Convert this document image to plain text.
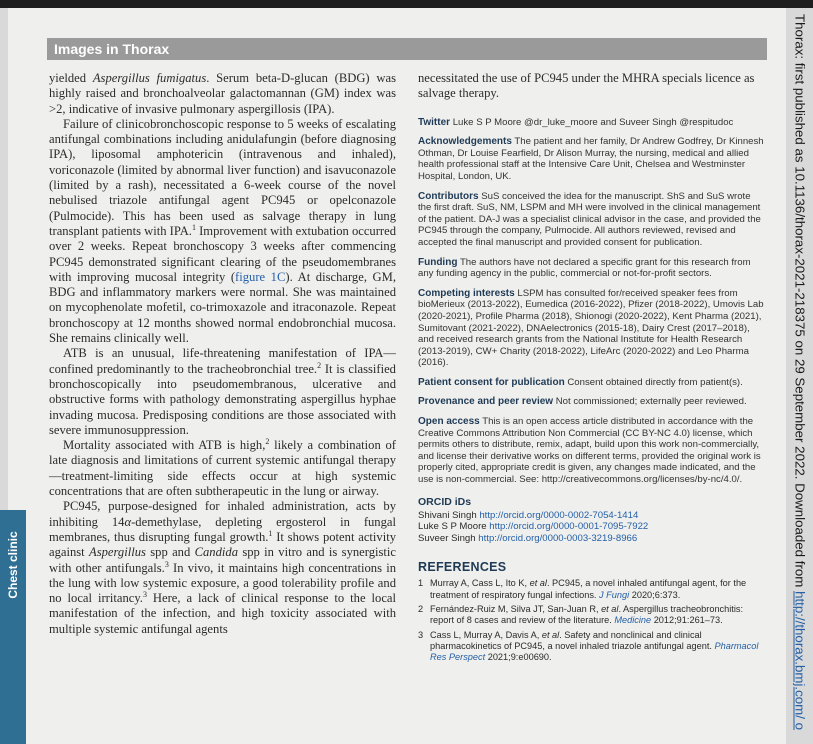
Chest clinic
Images in Thorax

yielded Aspergillus fumigatus. Serum beta-D-glucan (BDG) was highly raised and bronchoalveolar galactomannan (GM) index was >2, indicative of invasive pulmonary aspergillosis (IPA).

Failure of clinicobronchoscopic response to 5 weeks of escalating antifungal combinations including anidulafungin (before diagnosing IPA), liposomal amphotericin (intravenous and inhaled), voriconazole (limited by abnormal liver function) and isavuconazole (limited by a rash), necessitated a 6-week course of the novel nebulised triazole antifungal agent PC945 or opelconazole (Pulmocide). This has been used as salvage therapy in lung transplant patients with IPA.$^1$ Improvement with extubation occurred over 2 weeks. Repeat bronchoscopy 3 weeks after commencing PC945 demonstrated significant clearing of the pseudomembranes with improving mucosal integrity (figure 1C). At discharge, GM, BDG and inflammatory markers were normal. She was maintained on mycophenolate mofetil, co-trimoxazole and itraconazole. Repeat bronchoscopy at 12 months showed normal endobronchial mucosa. She remains clinically well.

ATB is an unusual, life-threatening manifestation of IPA—confined predominantly to the tracheobronchial tree.$^2$ It is classified bronchoscopically into pseudomembranous, ulcerative and obstructive forms with pathology demonstrating aspergillus hyphae invading mucosa. Predisposing conditions are those associated with severe immunosuppression.

Mortality associated with ATB is high,$^2$ likely a combination of late diagnosis and limitations of current systemic antifungal therapy—treatment-limiting side effects occur at high systemic concentrations that are often subtherapeutic in the lung or airway.

PC945, purpose-designed for inhaled administration, acts by inhibiting 14α-demethylase, depleting ergosterol in fungal membranes, thus disrupting fungal growth.$^1$ It shows potent activity against Aspergillus spp and Candida spp in vitro and is synergistic with other antifungals.$^3$ In vivo, it maintains high concentrations in the lung with low systemic exposure, a good tolerability profile and no local irritancy.$^3$ Here, a lack of clinical response to the local manifestation of the infection, and high toxicity associated with multiple systemic antifungal agents

necessitated the use of PC945 under the MHRA specials licence as salvage therapy.

Twitter Luke S P Moore @dr_luke_moore and Suveer Singh @respitudoc

Acknowledgements The patient and her family, Dr Andrew Godfrey, Dr Kinnesh Othman, Dr Louise Fearfield, Dr Alison Murray, the nursing, medical and allied health professional staff at the Intensive Care Unit, Chelsea and Westminster Hospital, London, UK.

Contributors SuS conceived the idea for the manuscript. ShS and SuS wrote the first draft. SuS, NM, LSPM and MH were involved in the clinical management of the patient. DA-J was a specialist clinical advisor in the case, and provided the PC945 through the company, Pulmocide. All authors reviewed, revised and accepted the final manuscript and provided consent for publication.

Funding The authors have not declared a specific grant for this research from any funding agency in the public, commercial or not-for-profit sectors.

Competing interests LSPM has consulted for/received speaker fees from bioMerieux (2013-2022), Eumedica (2016-2022), Pfizer (2018-2022), Umovis Lab (2020-2021), Profile Pharma (2018), Shionogi (2020-2022), Kent Pharma (2021), Sumitovant (2021-2022), DNAelectronics (2015-18), Dairy Crest (2017–2018), and received research grants from the National Institute for Health Research (2013-2019), CW+ Charity (2018-2022), LifeArc (2020-2022) and Leo Pharma (2016).

Patient consent for publication Consent obtained directly from patient(s).

Provenance and peer review Not commissioned; externally peer reviewed.

Open access This is an open access article distributed in accordance with the Creative Commons Attribution Non Commercial (CC BY-NC 4.0) license, which permits others to distribute, remix, adapt, build upon this work non-commercially, and license their derivative works on different terms, provided the original work is properly cited, appropriate credit is given, any changes made indicated, and the use is non-commercial. See: http://creativecommons.org/licenses/by-nc/4.0/.

ORCID iDs

Shivani Singh http://orcid.org/0000-0002-7054-1414

Luke S P Moore http://orcid.org/0000-0001-7095-7922

Suveer Singh http://orcid.org/0000-0003-3219-8966

REFERENCES

1 Murray A, Cass L, Ito K, et al. PC945, a novel inhaled antifungal agent, for the treatment of respiratory fungal infections. J Fungi 2020;6:373.

2 Fernández-Ruiz M, Silva JT, San-Juan R, et al. Aspergillus tracheobronchitis: report of 8 cases and review of the literature. Medicine 2012;91:261–73.

3 Cass L, Murray A, Davis A, et al. Safety and nonclinical and clinical pharmacokinetics of PC945, a novel inhaled triazole antifungal agent. Pharmacol Res Perspect 2021;9:e00690.

Thorax: first published as 10.1136/thorax-2021-218375 on 29 September 2022. Downloaded from http://thorax.bmj.com/ o
